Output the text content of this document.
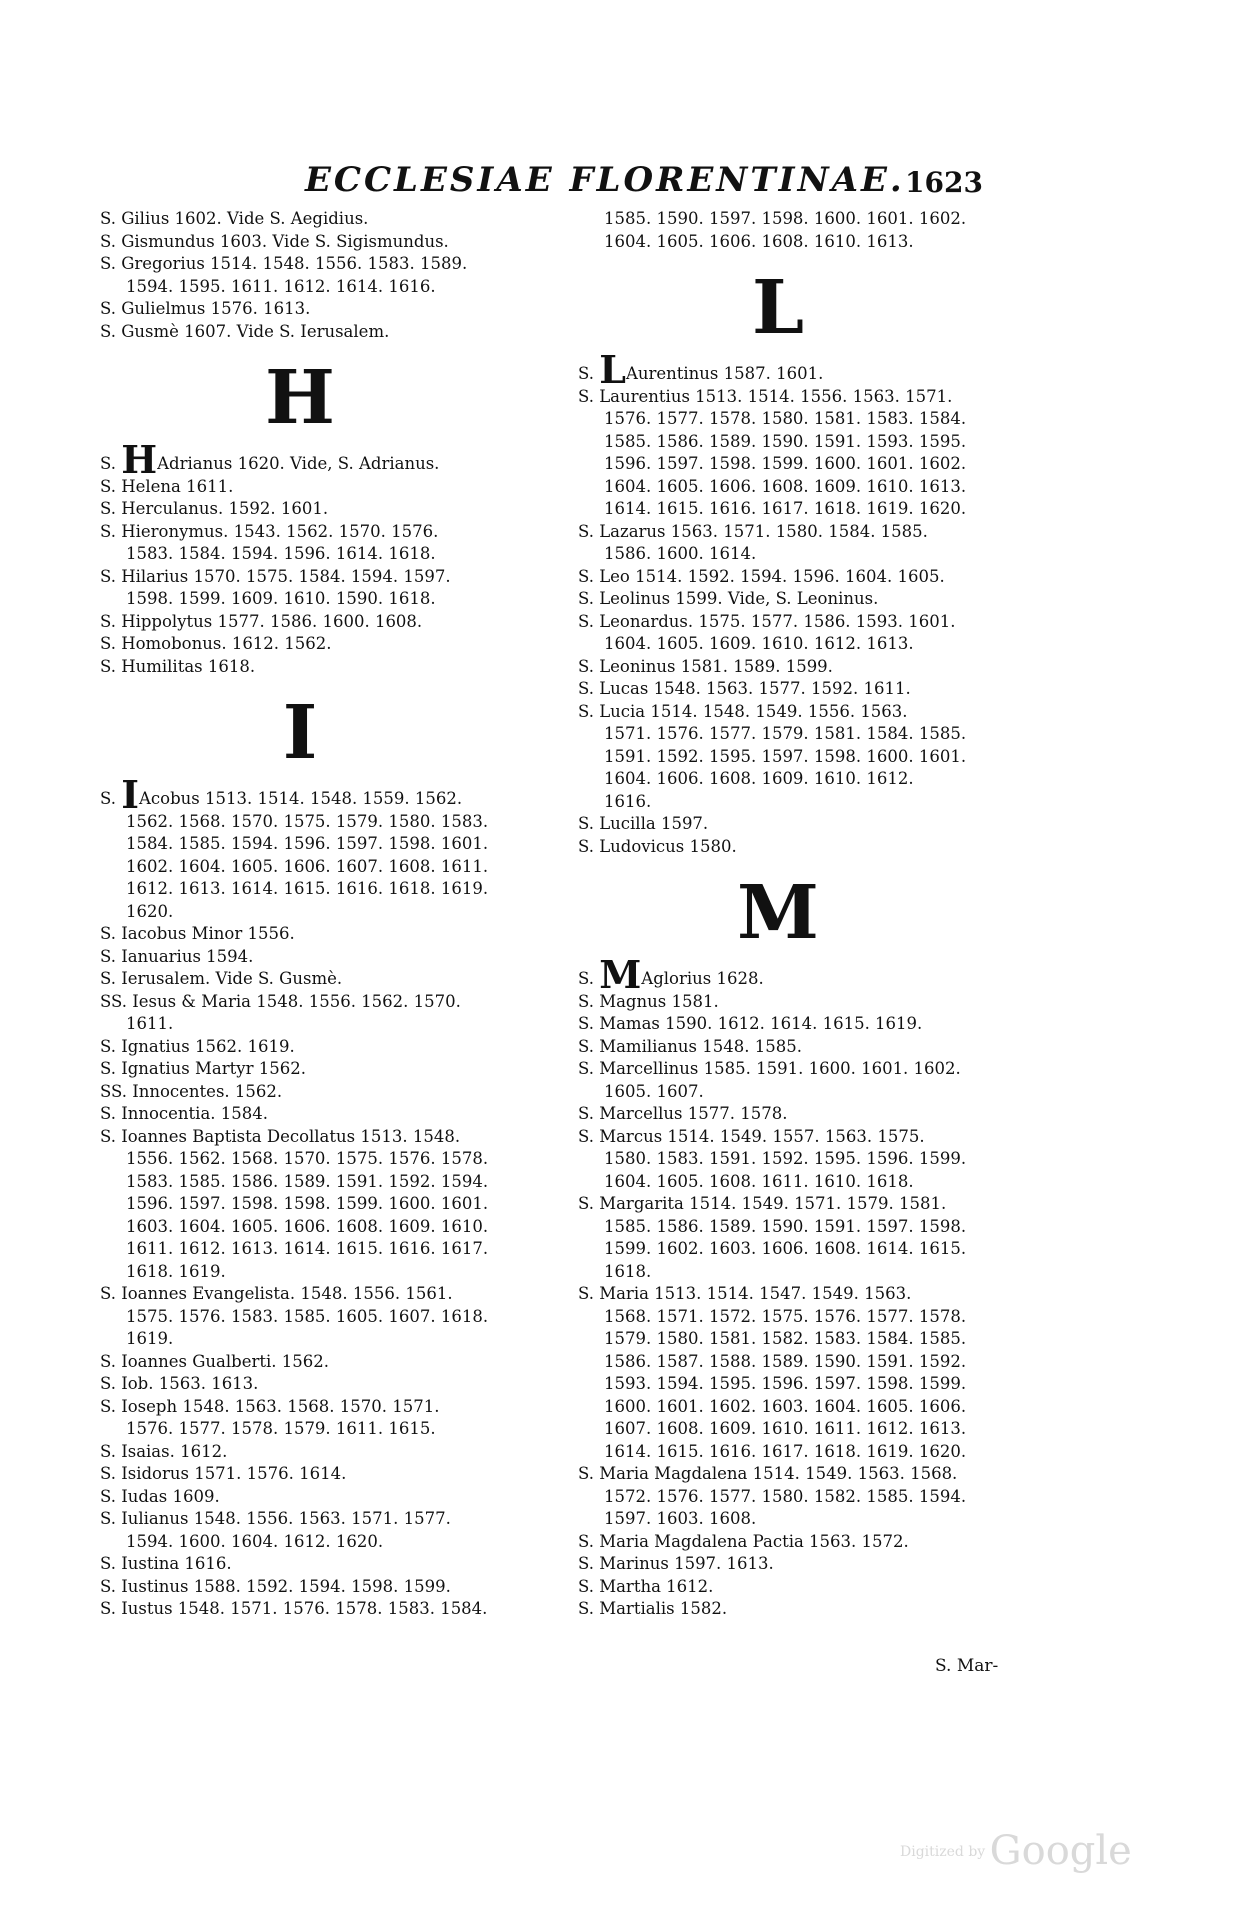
ECCLESIAE FLORENTINAE. 1623
S. Gilius 1602. Vide S. Aegidius.
S. Gismundus 1603. Vide S. Sigismundus.
S. Gregorius 1514. 1548. 1556. 1583. 1589.
1594. 1595. 1611. 1612. 1614. 1616.
S. Gulielmus 1576. 1613.
S. Gusmè 1607. Vide S. Ierusalem.
H
S. HAdrianus 1620. Vide, S. Adrianus.
S. Helena 1611.
S. Herculanus. 1592. 1601.
S. Hieronymus. 1543. 1562. 1570. 1576.
1583. 1584. 1594. 1596. 1614. 1618.
S. Hilarius 1570. 1575. 1584. 1594. 1597.
1598. 1599. 1609. 1610. 1590. 1618.
S. Hippolytus 1577. 1586. 1600. 1608.
S. Homobonus. 1612. 1562.
S. Humilitas 1618.
I
S. IAcobus 1513. 1514. 1548. 1559. 1562.
1562. 1568. 1570. 1575. 1579. 1580. 1583.
1584. 1585. 1594. 1596. 1597. 1598. 1601.
1602. 1604. 1605. 1606. 1607. 1608. 1611.
1612. 1613. 1614. 1615. 1616. 1618. 1619.
1620.
S. Iacobus Minor 1556.
S. Ianuarius 1594.
S. Ierusalem. Vide S. Gusmè.
SS. Iesus & Maria 1548. 1556. 1562. 1570.
1611.
S. Ignatius 1562. 1619.
S. Ignatius Martyr 1562.
SS. Innocentes. 1562.
S. Innocentia. 1584.
S. Ioannes Baptista Decollatus 1513. 1548.
1556. 1562. 1568. 1570. 1575. 1576. 1578.
1583. 1585. 1586. 1589. 1591. 1592. 1594.
1596. 1597. 1598. 1598. 1599. 1600. 1601.
1603. 1604. 1605. 1606. 1608. 1609. 1610.
1611. 1612. 1613. 1614. 1615. 1616. 1617.
1618. 1619.
S. Ioannes Evangelista. 1548. 1556. 1561.
1575. 1576. 1583. 1585. 1605. 1607. 1618.
1619.
S. Ioannes Gualberti. 1562.
S. Iob. 1563. 1613.
S. Ioseph 1548. 1563. 1568. 1570. 1571.
1576. 1577. 1578. 1579. 1611. 1615.
S. Isaias. 1612.
S. Isidorus 1571. 1576. 1614.
S. Iudas 1609.
S. Iulianus 1548. 1556. 1563. 1571. 1577.
1594. 1600. 1604. 1612. 1620.
S. Iustina 1616.
S. Iustinus 1588. 1592. 1594. 1598. 1599.
S. Iustus 1548. 1571. 1576. 1578. 1583. 1584.
1585. 1590. 1597. 1598. 1600. 1601. 1602.
1604. 1605. 1606. 1608. 1610. 1613.
L
S. LAurentinus 1587. 1601.
S. Laurentius 1513. 1514. 1556. 1563. 1571.
1576. 1577. 1578. 1580. 1581. 1583. 1584.
1585. 1586. 1589. 1590. 1591. 1593. 1595.
1596. 1597. 1598. 1599. 1600. 1601. 1602.
1604. 1605. 1606. 1608. 1609. 1610. 1613.
1614. 1615. 1616. 1617. 1618. 1619. 1620.
S. Lazarus 1563. 1571. 1580. 1584. 1585.
1586. 1600. 1614.
S. Leo 1514. 1592. 1594. 1596. 1604. 1605.
S. Leolinus 1599. Vide, S. Leoninus.
S. Leonardus. 1575. 1577. 1586. 1593. 1601.
1604. 1605. 1609. 1610. 1612. 1613.
S. Leoninus 1581. 1589. 1599.
S. Lucas 1548. 1563. 1577. 1592. 1611.
S. Lucia 1514. 1548. 1549. 1556. 1563.
1571. 1576. 1577. 1579. 1581. 1584. 1585.
1591. 1592. 1595. 1597. 1598. 1600. 1601.
1604. 1606. 1608. 1609. 1610. 1612.
1616.
S. Lucilla 1597.
S. Ludovicus 1580.
M
S. MAglorius 1628.
S. Magnus 1581.
S. Mamas 1590. 1612. 1614. 1615. 1619.
S. Mamilianus 1548. 1585.
S. Marcellinus 1585. 1591. 1600. 1601. 1602.
1605. 1607.
S. Marcellus 1577. 1578.
S. Marcus 1514. 1549. 1557. 1563. 1575.
1580. 1583. 1591. 1592. 1595. 1596. 1599.
1604. 1605. 1608. 1611. 1610. 1618.
S. Margarita 1514. 1549. 1571. 1579. 1581.
1585. 1586. 1589. 1590. 1591. 1597. 1598.
1599. 1602. 1603. 1606. 1608. 1614. 1615.
1618.
S. Maria 1513. 1514. 1547. 1549. 1563.
1568. 1571. 1572. 1575. 1576. 1577. 1578.
1579. 1580. 1581. 1582. 1583. 1584. 1585.
1586. 1587. 1588. 1589. 1590. 1591. 1592.
1593. 1594. 1595. 1596. 1597. 1598. 1599.
1600. 1601. 1602. 1603. 1604. 1605. 1606.
1607. 1608. 1609. 1610. 1611. 1612. 1613.
1614. 1615. 1616. 1617. 1618. 1619. 1620.
S. Maria Magdalena 1514. 1549. 1563. 1568.
1572. 1576. 1577. 1580. 1582. 1585. 1594.
1597. 1603. 1608.
S. Maria Magdalena Pactia 1563. 1572.
S. Marinus 1597. 1613.
S. Martha 1612.
S. Martialis 1582.
S. Mar-
Digitized by Google
